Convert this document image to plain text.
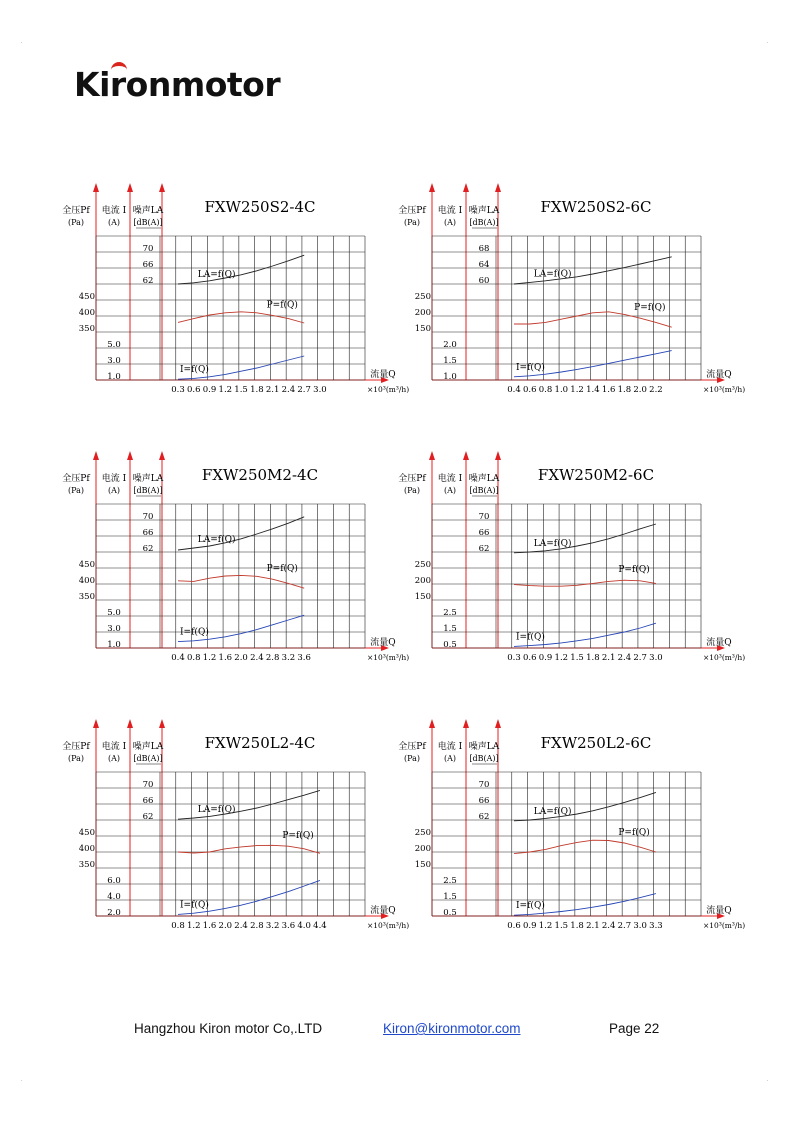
Ki
ronmotor
FXW250S2-4C
全压Pf
(Pa)
电流 I
(A)
噪声LA
[dB(A)]
70
66
62
450
400
350
5.0
3.0
1.0
0.3 0.6 0.9 1.2 1.5 1.8 2.1 2.4 2.7 3.0
流量Q
×10³(m³/h)
LA=f(Q)
P=f(Q)
I=f(Q)
FXW250S2-6C
全压Pf
(Pa)
电流 I
(A)
噪声LA
[dB(A)]
68
64
60
250
200
150
2.0
1.5
1.0
0.4 0.6 0.8 1.0 1.2 1.4 1.6 1.8 2.0 2.2
流量Q
×10³(m³/h)
LA=f(Q)
P=f(Q)
I=f(Q)
FXW250M2-4C
全压Pf
(Pa)
电流 I
(A)
噪声LA
[dB(A)]
70
66
62
450
400
350
5.0
3.0
1.0
0.4 0.8 1.2 1.6 2.0 2.4 2.8 3.2 3.6
流量Q
×10³(m³/h)
LA=f(Q)
P=f(Q)
I=f(Q)
FXW250M2-6C
全压Pf
(Pa)
电流 I
(A)
噪声LA
[dB(A)]
70
66
62
250
200
150
2.5
1.5
0.5
0.3 0.6 0.9 1.2 1.5 1.8 2.1 2.4 2.7 3.0
流量Q
×10³(m³/h)
LA=f(Q)
P=f(Q)
I=f(Q)
FXW250L2-4C
全压Pf
(Pa)
电流 I
(A)
噪声LA
[dB(A)]
70
66
62
450
400
350
6.0
4.0
2.0
0.8 1.2 1.6 2.0 2.4 2.8 3.2 3.6 4.0 4.4
流量Q
×10³(m³/h)
LA=f(Q)
P=f(Q)
I=f(Q)
FXW250L2-6C
全压Pf
(Pa)
电流 I
(A)
噪声LA
[dB(A)]
70
66
62
250
200
150
2.5
1.5
0.5
0.6 0.9 1.2 1.5 1.8 2.1 2.4 2.7 3.0 3.3
流量Q
×10³(m³/h)
LA=f(Q)
P=f(Q)
I=f(Q)
Hangzhou Kiron motor Co,.LTD	Kiron@kironmotor.com	Page 22
·	·
·	·
